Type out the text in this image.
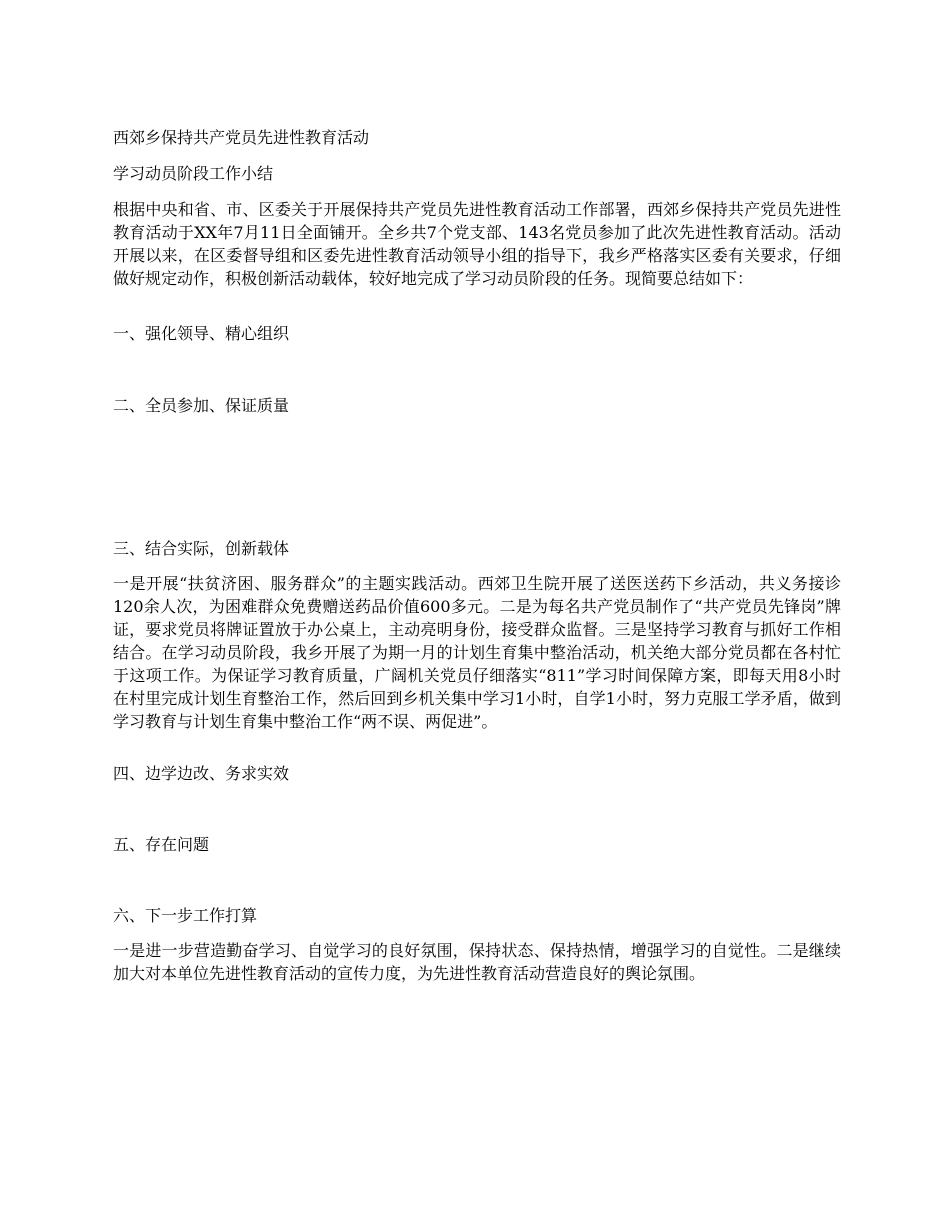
西郊乡保持共产党员先进性教育活动

学习动员阶段工作小结

根据中央和省、市、区委关于开展保持共产党员先进性教育活动工作部署，西郊乡保持共产党员先进性教育活动于XX年7月11日全面铺开。全乡共7个党支部、143名党员参加了此次先进性教育活动。活动开展以来，在区委督导组和区委先进性教育活动领导小组的指导下，我乡严格落实区委有关要求，仔细做好规定动作，积极创新活动载体，较好地完成了学习动员阶段的任务。现简要总结如下：

一、强化领导、精心组织

二、全员参加、保证质量

三、结合实际，创新载体

一是开展“扶贫济困、服务群众”的主题实践活动。西郊卫生院开展了送医送药下乡活动，共义务接诊120余人次，为困难群众免费赠送药品价值600多元。二是为每名共产党员制作了“共产党员先锋岗”牌证，要求党员将牌证置放于办公桌上，主动亮明身份，接受群众监督。三是坚持学习教育与抓好工作相结合。在学习动员阶段，我乡开展了为期一月的计划生育集中整治活动，机关绝大部分党员都在各村忙于这项工作。为保证学习教育质量，广阔机关党员仔细落实“811”学习时间保障方案，即每天用8小时在村里完成计划生育整治工作，然后回到乡机关集中学习1小时，自学1小时，努力克服工学矛盾，做到学习教育与计划生育集中整治工作“两不误、两促进”。

四、边学边改、务求实效

五、存在问题

六、下一步工作打算

一是进一步营造勤奋学习、自觉学习的良好氛围，保持状态、保持热情，增强学习的自觉性。二是继续加大对本单位先进性教育活动的宣传力度，为先进性教育活动营造良好的舆论氛围。
